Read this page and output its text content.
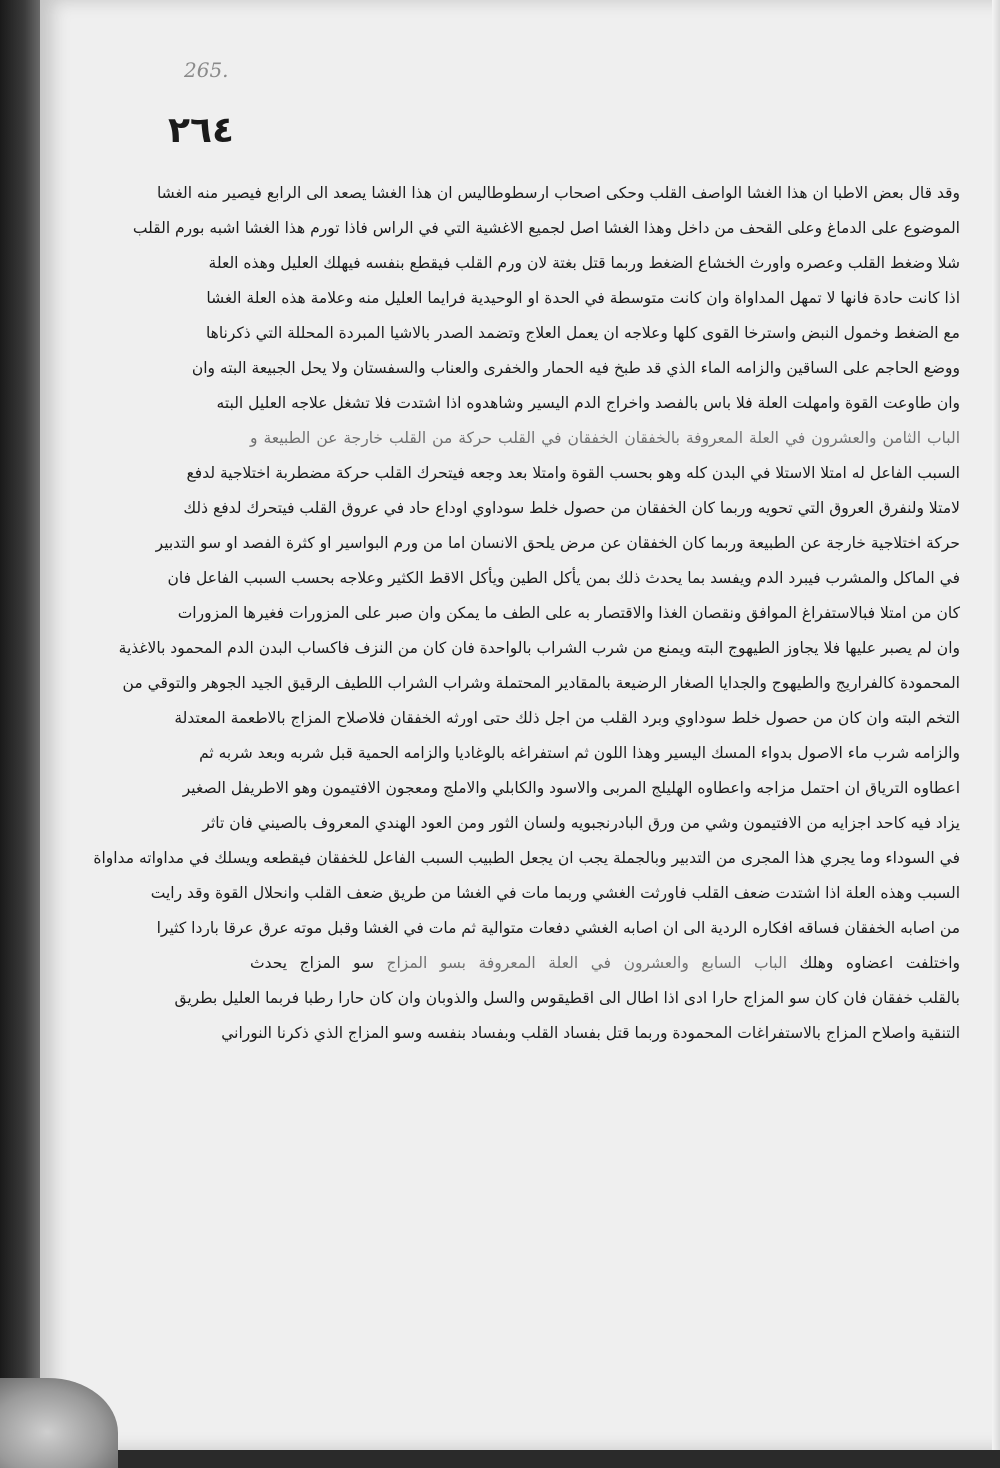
265.
٢٦٤
وقد قال بعض الاطبا ان هذا الغشا الواصف القلب وحكى اصحاب ارسطوطاليس ان هذا الغشا يصعد الى الرابع فيصير منه الغشا
الموضوع على الدماغ وعلى القحف من داخل وهذا الغشا اصل لجميع الاغشية التي في الراس فاذا تورم هذا الغشا اشبه بورم القلب
شلا وضغط القلب وعصره واورث الخشاع الضغط وربما قتل بغتة لان ورم القلب فيقطع بنفسه فيهلك العليل وهذه العلة
اذا كانت حادة فانها لا تمهل المداواة وان كانت متوسطة في الحدة او الوحيدية فرايما العليل منه وعلامة هذه العلة الغشا
مع الضغط وخمول النبض واسترخا القوى كلها وعلاجه ان يعمل العلاج وتضمد الصدر بالاشيا المبردة المحللة التي ذكرناها
ووضع الحاجم على الساقين والزامه الماء الذي قد طبخ فيه الحمار والخفرى والعناب والسفستان ولا يحل الجبيعة البته وان
وان طاوعت القوة وامهلت العلة فلا باس بالفصد واخراج الدم اليسير وشاهدوه اذا اشتدت فلا تشغل علاجه العليل البته
الباب الثامن والعشرون في العلة المعروفة بالخفقان الخفقان في القلب حركة من القلب خارجة عن الطبيعة و
السبب الفاعل له امتلا الاستلا في البدن كله وهو بحسب القوة وامتلا بعد وجعه فيتحرك القلب حركة مضطربة اختلاجية لدفع
لامتلا ولنفرق العروق التي تحويه وربما كان الخفقان من حصول خلط سوداوي اوداع حاد في عروق القلب فيتحرك لدفع ذلك
حركة اختلاجية خارجة عن الطبيعة وربما كان الخفقان عن مرض يلحق الانسان اما من ورم البواسير او كثرة الفصد او سو التدبير
في الماكل والمشرب فيبرد الدم ويفسد بما يحدث ذلك بمن يأكل الطين ويأكل الاقط الكثير وعلاجه بحسب السبب الفاعل فان
كان من امتلا فبالاستفراغ الموافق ونقصان الغذا والاقتصار به على الطف ما يمكن وان صبر على المزورات فغيرها المزورات
وان لم يصبر عليها فلا يجاوز الطيهوج البته ويمنع من شرب الشراب بالواحدة فان كان من النزف فاكساب البدن الدم المحمود بالاغذية
المحمودة كالفراريج والطيهوج والجدايا الصغار الرضيعة بالمقادير المحتملة وشراب الشراب اللطيف الرقيق الجيد الجوهر والتوقي من
التخم البته وان كان من حصول خلط سوداوي وبرد القلب من اجل ذلك حتى اورثه الخفقان فلاصلاح المزاج بالاطعمة المعتدلة
والزامه شرب ماء الاصول بدواء المسك اليسير وهذا اللون ثم استفراغه بالوغاديا والزامه الحمية قبل شربه وبعد شربه ثم
اعطاوه الترياق ان احتمل مزاجه واعطاوه الهليلج المربى والاسود والكابلي والاملج ومعجون الافتيمون وهو الاطريفل الصغير
يزاد فيه كاحد اجزايه من الافتيمون وشي من ورق البادرنجبويه ولسان الثور ومن العود الهندي المعروف بالصيني فان تاثر
في السوداء وما يجري هذا المجرى من التدبير وبالجملة يجب ان يجعل الطبيب السبب الفاعل للخفقان فيقطعه ويسلك في مداواته مداواة
السبب وهذه العلة اذا اشتدت ضعف القلب فاورثت الغشي وربما مات في الغشا من طريق ضعف القلب وانحلال القوة وقد رايت
من اصابه الخفقان فساقه افكاره الردية الى ان اصابه الغشي دفعات متوالية ثم مات في الغشا وقبل موته عرق عرقا باردا كثيرا
واختلفت اعضاوه وهلك الباب السابع والعشرون في العلة المعروفة بسو المزاج سو المزاج يحدث
بالقلب خفقان فان كان سو المزاج حارا ادى اذا اطال الى اقطيقوس والسل والذوبان وان كان حارا رطبا فربما العليل بطريق
التنقية واصلاح المزاج بالاستفراغات المحمودة وربما قتل بفساد القلب وبفساد بنفسه وسو المزاج الذي ذكرنا النوراني
